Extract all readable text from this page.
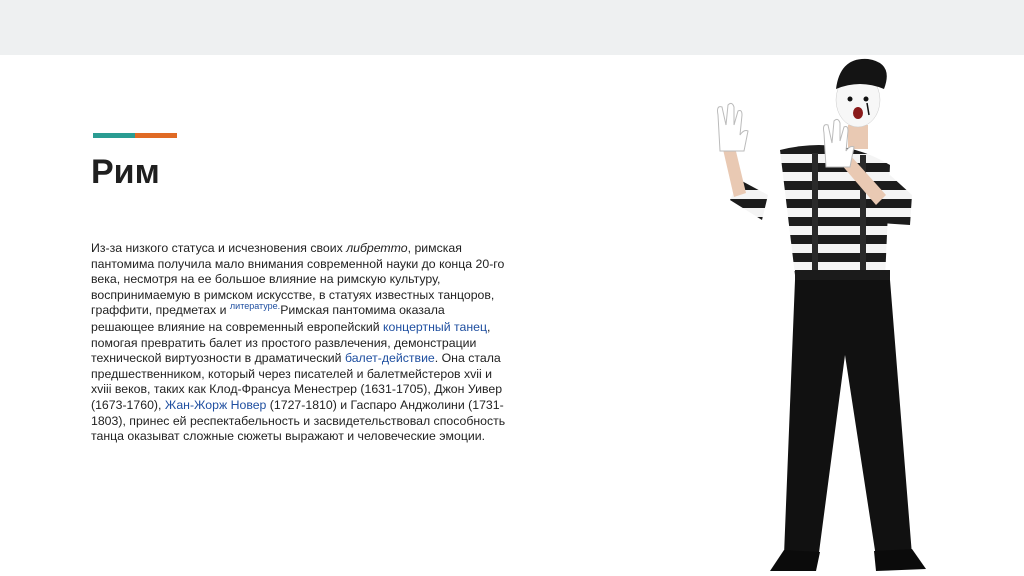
Рим

Из-за низкого статуса и исчезновения своих либретто, римская пантомима получила мало внимания современной науки до конца 20-го века, несмотря на ее большое влияние на римскую культуру, воспринимаемую в римском искусстве, в статуях известных танцоров, граффити, предметах и $^{литературе.}$Римская пантомима оказала решающее влияние на современный европейский концертный танец, помогая превратить балет из простого развлечения, демонстрации технической виртуозности в драматический балет-действие. Она стала предшественником, который через писателей и балетмейстеров xvii и xviii веков, таких как Клод-Франсуа Менестрер (1631-1705), Джон Уивер (1673-1760), Жан-Жорж Новер (1727-1810) и Гаспаро Анджолини (1731-1803), принес ей респектабельность и засвидетельствовал способность танца оказыват сложные сюжеты выражают и человеческие эмоции.
